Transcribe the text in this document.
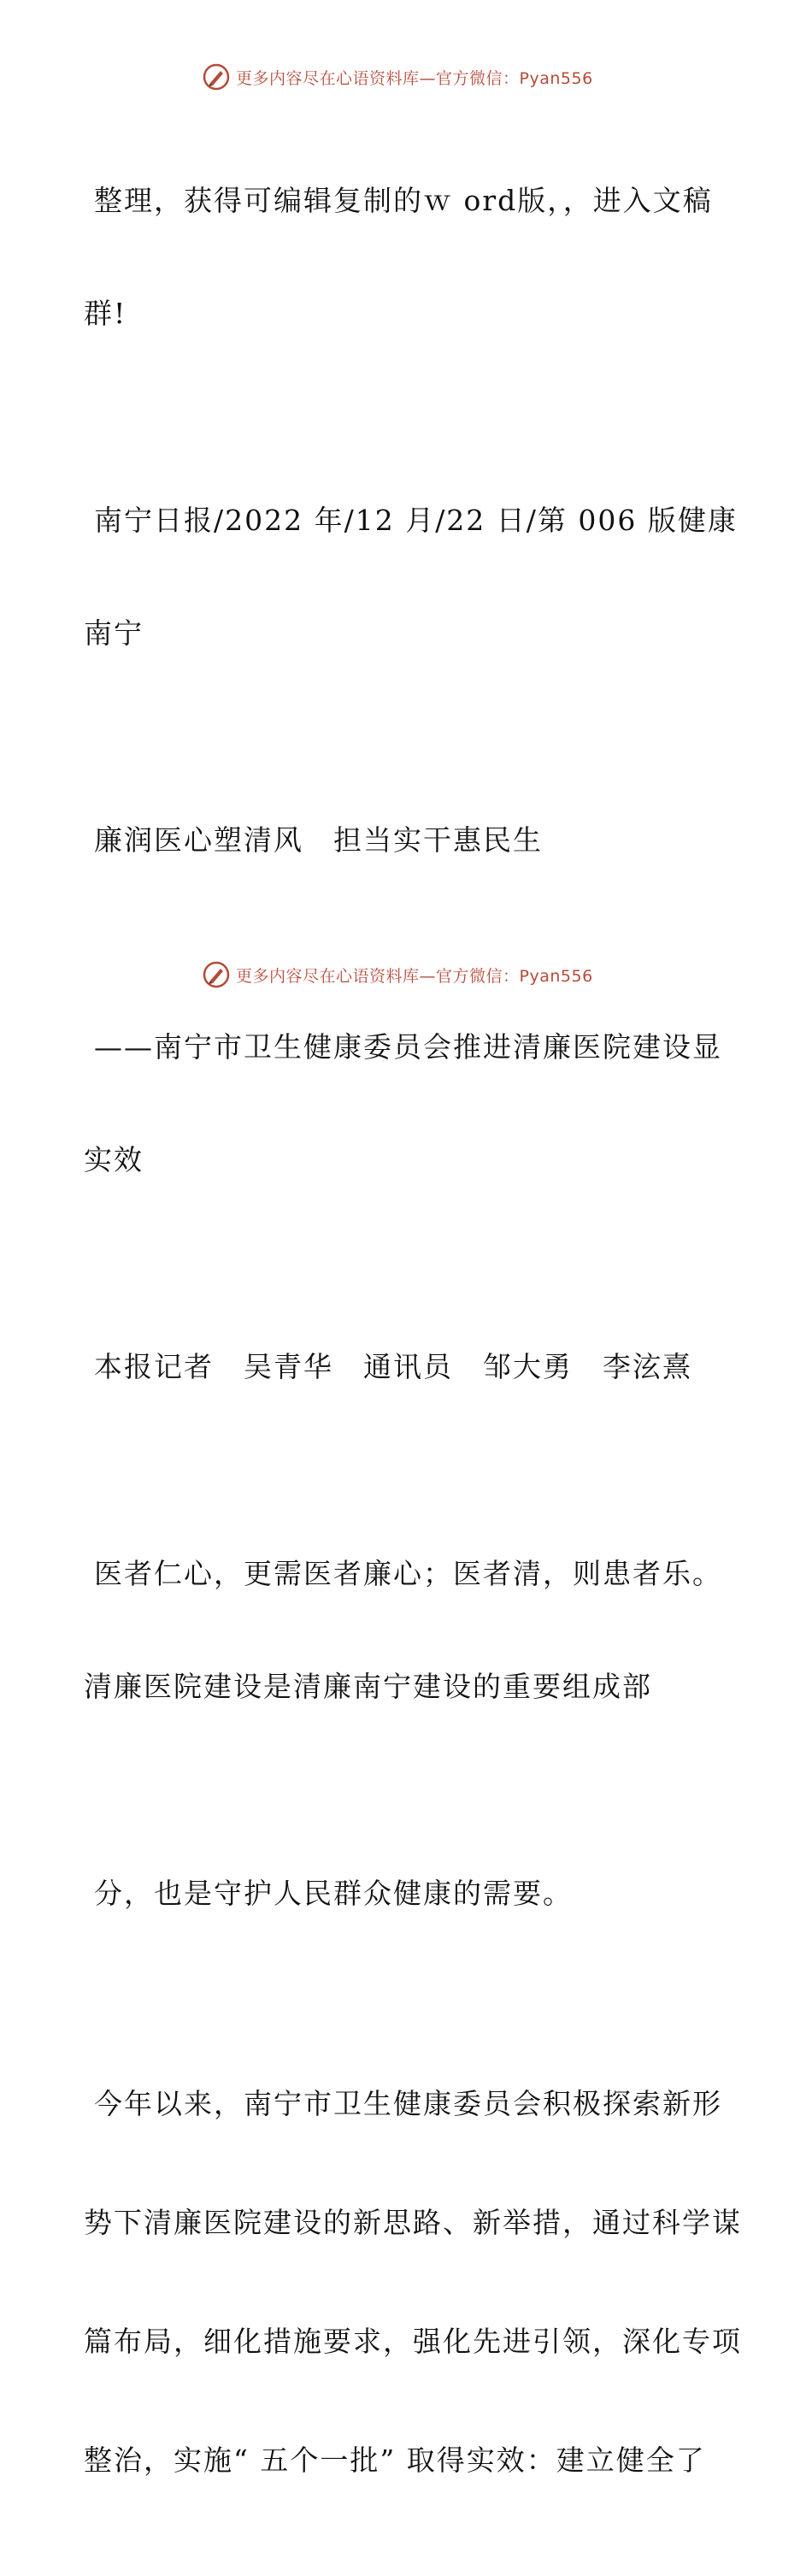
更多内容尽在心语资料库—官方微信：Pyan556

整理，获得可编辑复制的ｗ ord版，，进入文稿

群!

南宁日报/2022 年/12 月/22 日/第 006 版健康

南宁

廉润医心塑清风　担当实干惠民生

——南宁市卫生健康委员会推进清廉医院建设显

实效

本报记者　吴青华　通讯员　邹大勇　李泫熹

医者仁心，更需医者廉心；医者清，则患者乐。

清廉医院建设是清廉南宁建设的重要组成部

分，也是守护人民群众健康的需要。

今年以来，南宁市卫生健康委员会积极探索新形

势下清廉医院建设的新思路、新举措，通过科学谋

篇布局，细化措施要求，强化先进引领，深化专项

整治，实施“ 五个一批” 取得实效：建立健全了

更多内容尽在心语资料库—官方微信：Pyan556
